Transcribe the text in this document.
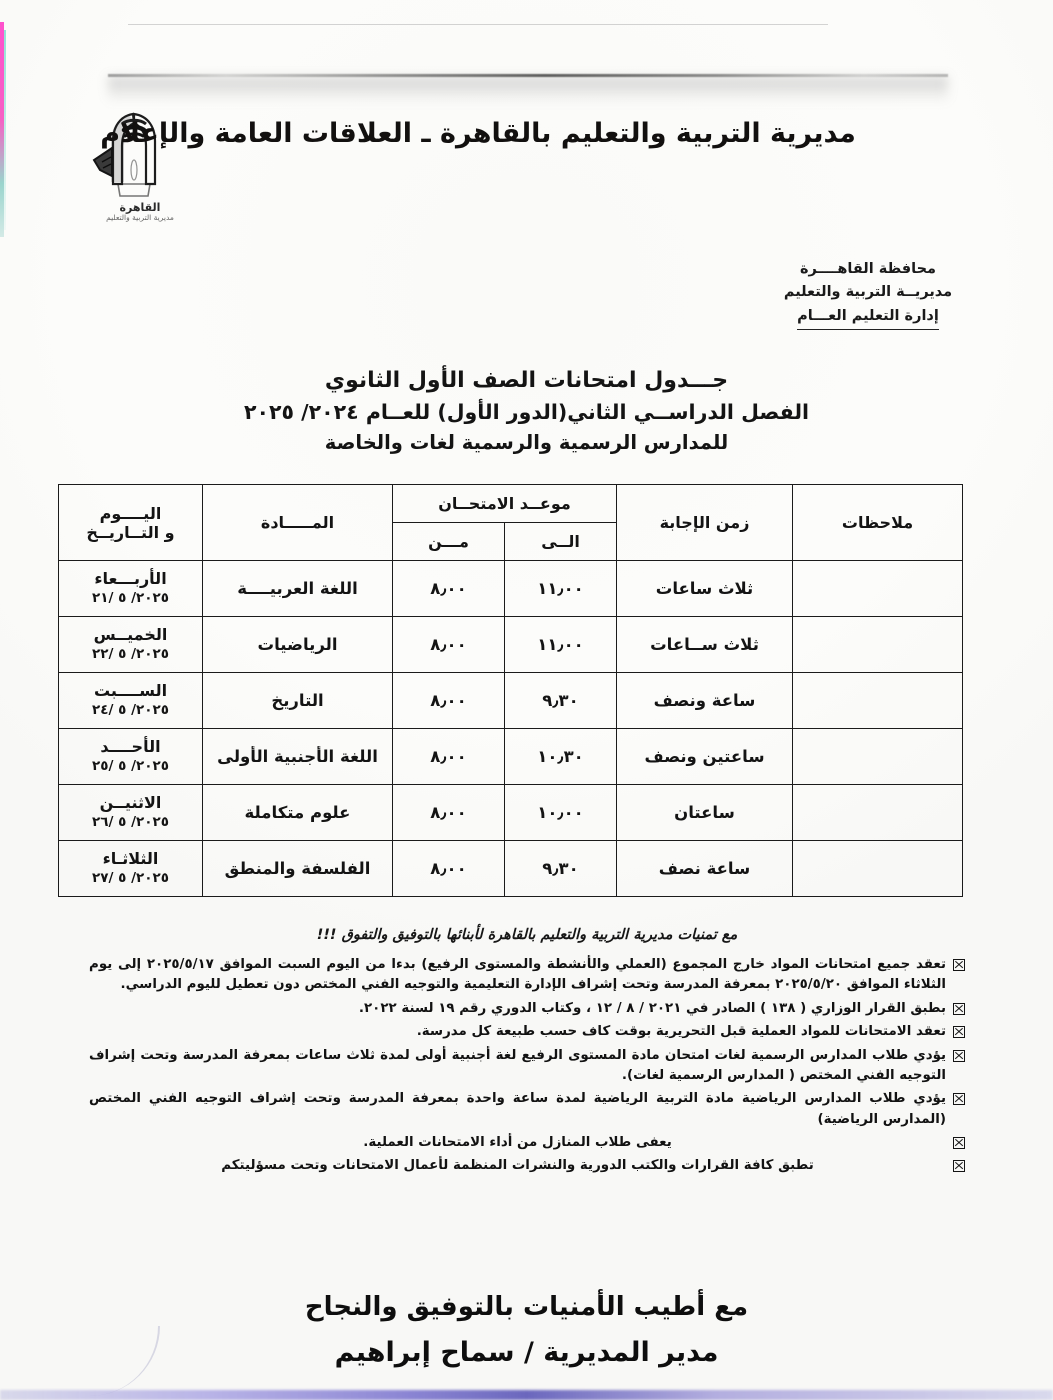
القاهرة
مديرية التربية والتعليم
مديرية التربية والتعليم بالقاهرة ـ العلاقات العامة والإعلام
محافظة القاهــــرة
مديريــة التربية والتعليم
إدارة التعليم العـــام
جـــدول امتحانات الصف الأول الثانوي
الفصل الدراســي الثاني(الدور الأول) للعــام ٢٠٢٤/ ٢٠٢٥
للمدارس الرسمية والرسمية لغات والخاصة
ملاحظات	زمن الإجابة	موعــد الامتحــان		المـــــادة	اليــــوم
و التــاريــخ

		الــى	مـــن		
	ثلاث ساعات	١١٫٠٠	٨٫٠٠	اللغة العربيــــة	الأربـــعاء
٢٠٢٥/ ٥ /٢١

	ثلاث ســاعات	١١٫٠٠	٨٫٠٠	الرياضيات	الخميــس
٢٠٢٥/ ٥ /٢٢

	ساعة ونصف	٩٫٣٠	٨٫٠٠	التاريخ	الســــبت
٢٠٢٥/ ٥ /٢٤

	ساعتين ونصف	١٠٫٣٠	٨٫٠٠	اللغة الأجنبية الأولى	الأحــــد
٢٠٢٥/ ٥ /٢٥

	ساعتان	١٠٫٠٠	٨٫٠٠	علوم متكاملة	الاثنيــن
٢٠٢٥/ ٥ /٢٦

	ساعة نصف	٩٫٣٠	٨٫٠٠	الفلسفة والمنطق	الثلاثـاء
٢٠٢٥/ ٥ /٢٧
مع تمنيات مديرية التربية والتعليم بالقاهرة لأبنائها بالتوفيق والتفوق !!!
تعقد جميع امتحانات المواد خارج المجموع (العملي والأنشطة والمستوى الرفيع) بدءا من اليوم السبت الموافق ٢٠٢٥/٥/١٧ إلى يوم الثلاثاء الموافق ٢٠٢٥/٥/٢٠ بمعرفة المدرسة وتحت إشراف الإدارة التعليمية والتوجيه الفني المختص دون تعطيل لليوم الدراسي.
بطبق القرار الوزاري ( ١٣٨ ) الصادر في ٢٠٢١ / ٨ / ١٢ ، وكتاب الدوري رقم ١٩ لسنة ٢٠٢٢.
تعقد الامتحانات للمواد العملية قبل التحريرية بوقت كاف حسب طبيعة كل مدرسة.
يؤدي طلاب المدارس الرسمية لغات امتحان مادة المستوى الرفيع لغة أجنبية أولى لمدة ثلاث ساعات بمعرفة المدرسة وتحت إشراف التوجيه الفني المختص ( المدارس الرسمية لغات).
يؤدي طلاب المدارس الرياضية مادة التربية الرياضية لمدة ساعة واحدة بمعرفة المدرسة وتحت إشراف التوجيه الفني المختص (المدارس الرياضية)
يعفى طلاب المنازل من أداء الامتحانات العملية.
تطبق كافة القرارات والكتب الدورية والنشرات المنظمة لأعمال الامتحانات وتحت مسؤليتكم
مع أطيب الأمنيات بالتوفيق والنجاح
مدير المديرية / سماح إبراهيم
